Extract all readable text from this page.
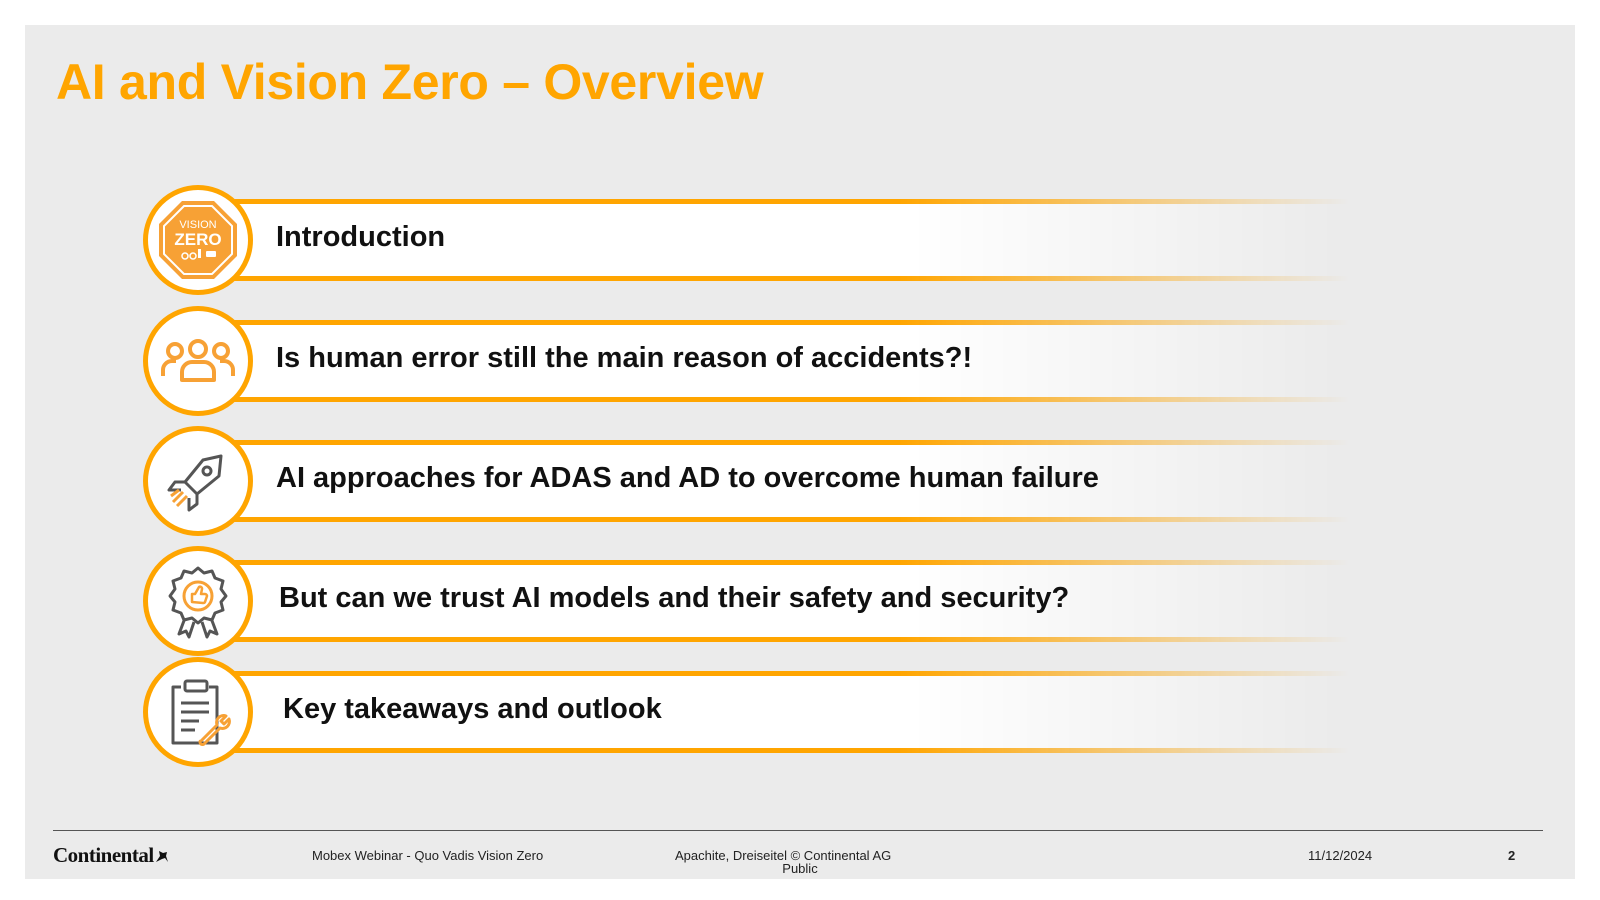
AI and Vision Zero – Overview
VISION
ZERO Introduction
Is human error still the main reason of accidents?!
AI approaches for ADAS and AD to overcome human failure
But can we trust AI models and their safety and security?
Key takeaways and outlook
Continental	Mobex Webinar - Quo Vadis Vision Zero	Apachite, Dreiseitel © Continental AG	11/12/2024	2
Public
